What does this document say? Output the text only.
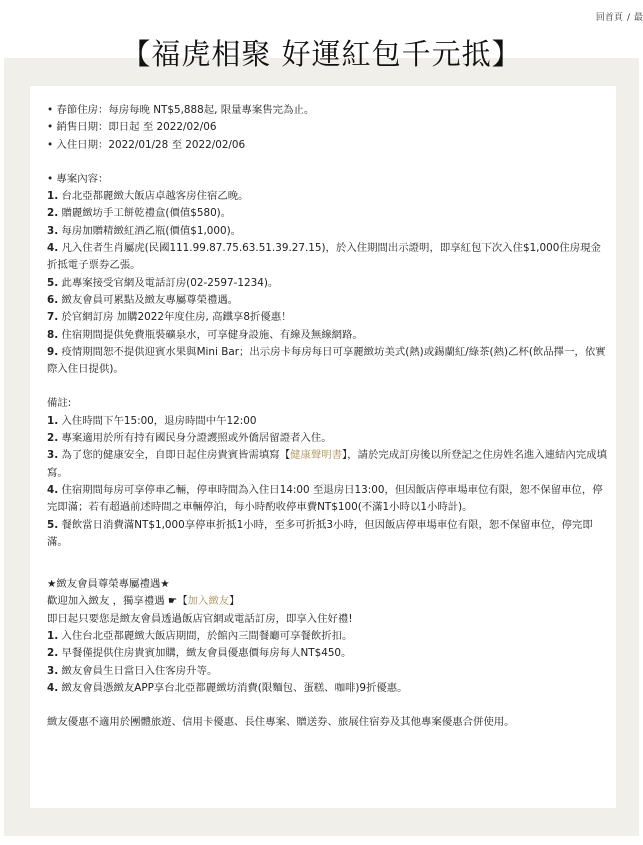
回首頁 / 最
【福虎相聚 好運紅包千元抵】
• 春節住房：每房每晚 NT$5,888起, 限量專案售完為止。
• 銷售日期：即日起 至 2022/02/06
• 入住日期：2022/01/28 至 2022/02/06
• 專案內容：
1. 台北亞都麗緻大飯店卓越客房住宿乙晚。
2. 贈麗緻坊手工餅乾禮盒(價值$580)。
3. 每房加贈精緻紅酒乙瓶(價值$1,000)。
4. 凡入住者生肖屬虎(民國111.99.87.75.63.51.39.27.15)，於入住期間出示證明，即享紅包下次入住$1,000住房現金折抵電子票券乙張。
5. 此專案接受官網及電話訂房(02-2597-1234)。
6. 緻友會員可累點及緻友專屬尊榮禮遇。
7. 於官網訂房 加購2022年度住房, 高鐵享8折優惠！
8. 住宿期間提供免費瓶裝礦泉水，可享健身設施、有線及無線網路。
9. 疫情期間恕不提供迎賓水果與Mini Bar；出示房卡每房每日可享麗緻坊美式(熱)或錫蘭紅/綠茶(熱)乙杯(飲品擇一，依實際入住日提供)。
備註:
1. 入住時間下午15:00，退房時間中午12:00
2. 專案適用於所有持有國民身分證護照或外僑居留證者入住。
3. 為了您的健康安全，自即日起住房貴賓皆需填寫【健康聲明書】，請於完成訂房後以所登記之住房姓名進入連結內完成填寫。
4. 住宿期間每房可享停車乙輛，停車時間為入住日14:00 至退房日13:00，但因飯店停車場車位有限，恕不保留車位，停完即滿；若有超過前述時間之車輛停泊，每小時酌收停車費NT$100(不滿1小時以1小時計)。
5. 餐飲當日消費滿NT$1,000享停車折抵1小時，至多可折抵3小時，但因飯店停車場車位有限，恕不保留車位，停完即滿。
★緻友會員尊榮專屬禮遇★
歡迎加入緻友 ，獨享禮遇 ☛【加入緻友】
即日起只要您是緻友會員透過飯店官網或電話訂房，即享入住好禮!
1. 入住台北亞都麗緻大飯店期間，於館內三間餐廳可享餐飲折扣。
2. 早餐僅提供住房貴賓加購，緻友會員優惠價每房每人NT$450。
3. 緻友會員生日當日入住客房升等。
4. 緻友會員憑緻友APP享台北亞都麗緻坊消費(限麵包、蛋糕、咖啡)9折優惠。
緻友優惠不適用於團體旅遊、信用卡優惠、長住專案、贈送券、旅展住宿券及其他專案優惠合併使用。
